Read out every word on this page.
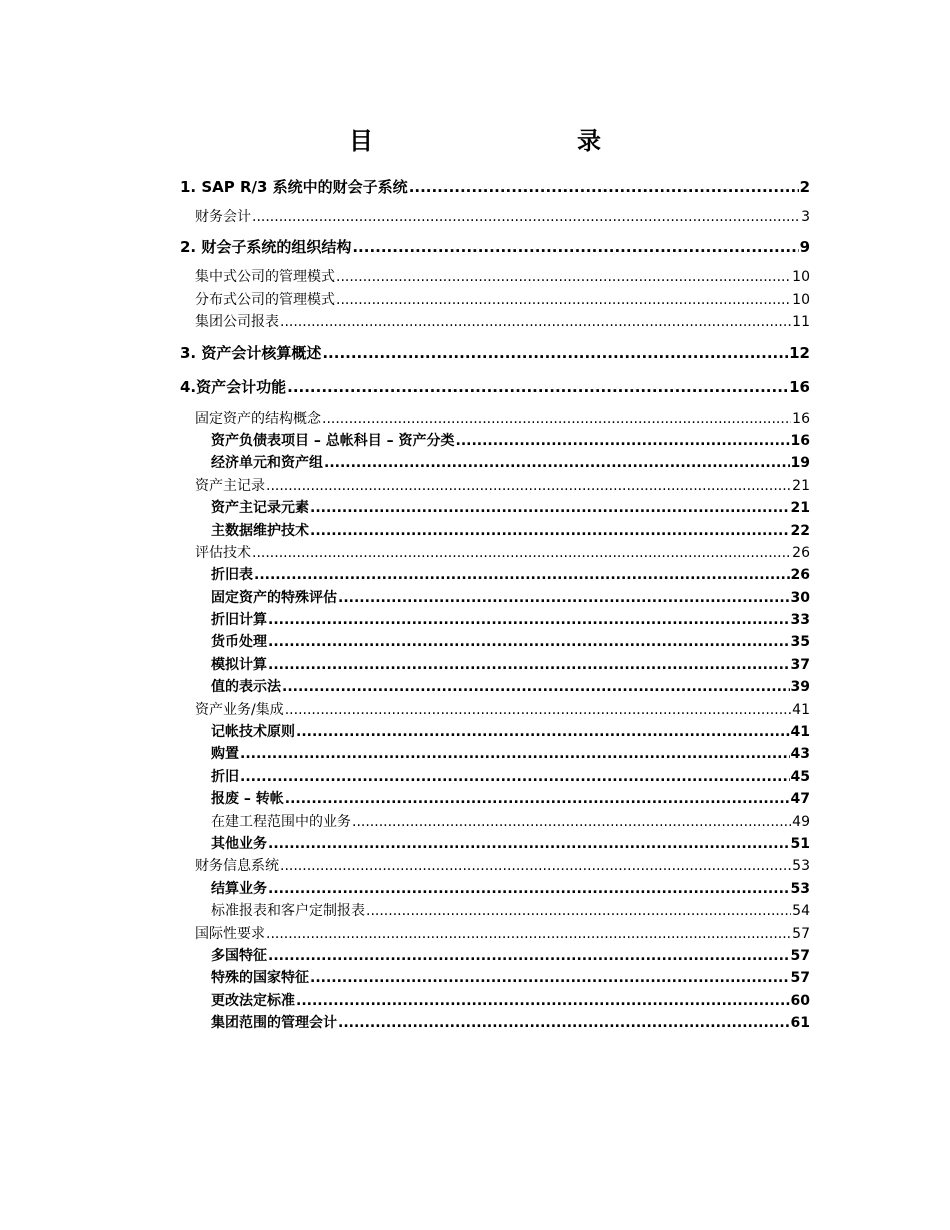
目　　录
1. SAP R/3 系统中的财会子系统 .....	2
财务会计 .....	3
2. 财会子系统的组织结构 .....	9
集中式公司的管理模式 .....	10
分布式公司的管理模式 .....	10
集团公司报表 .....	11
3. 资产会计核算概述 .....	12
4.资产会计功能 .....	16
固定资产的结构概念 .....	16
资产负债表项目 – 总帐科目 – 资产分类 .....	16
经济单元和资产组 .....	19
资产主记录 .....	21
资产主记录元素 .....	21
主数据维护技术 .....	22
评估技术 .....	26
折旧表 .....	26
固定资产的特殊评估 .....	30
折旧计算 .....	33
货币处理 .....	35
模拟计算 .....	37
值的表示法 .....	39
资产业务/集成 .....	41
记帐技术原则 .....	41
购置 .....	43
折旧 .....	45
报废 – 转帐 .....	47
在建工程范围中的业务 .....	49
其他业务 .....	51
财务信息系统 .....	53
结算业务 .....	53
标准报表和客户定制报表 .....	54
国际性要求 .....	57
多国特征 .....	57
特殊的国家特征 .....	57
更改法定标准 .....	60
集团范围的管理会计 .....	61
